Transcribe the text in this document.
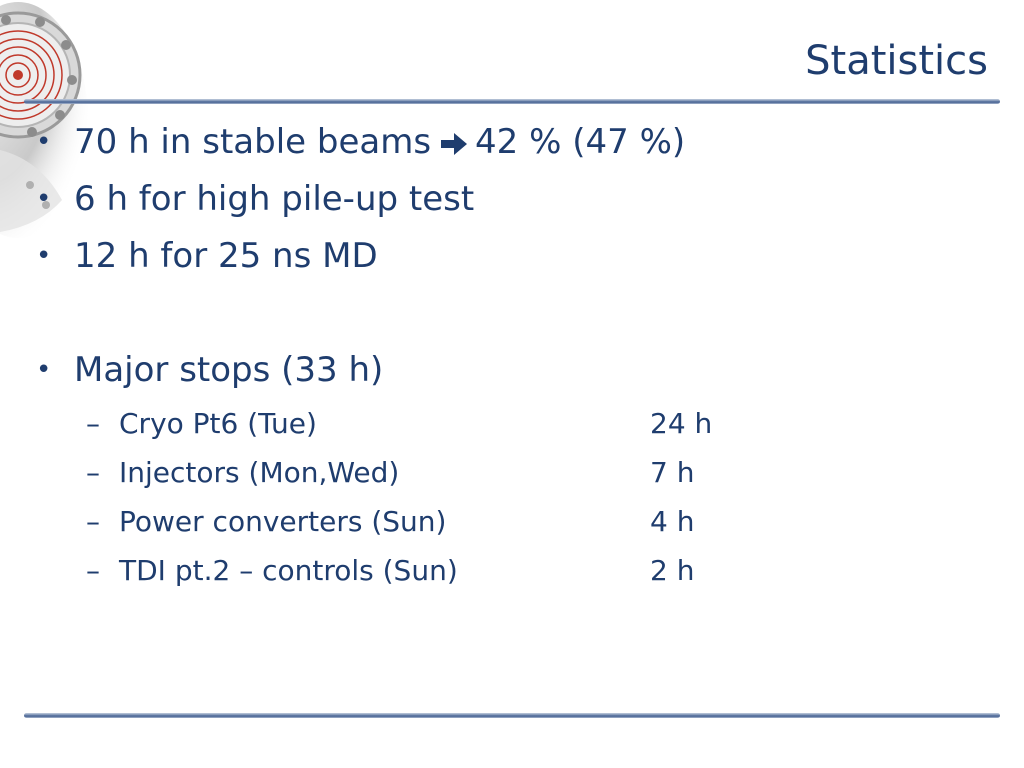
Statistics
• 70 h in stable beams 42 % (47 %)
• 6 h for high pile-up test
• 12 h for 25 ns MD
• Major stops (33 h)
– Cryo Pt6 (Tue)	24 h
– Injectors (Mon,Wed)	7 h
– Power converters (Sun)	4 h
– TDI pt.2 – controls (Sun)	2 h
